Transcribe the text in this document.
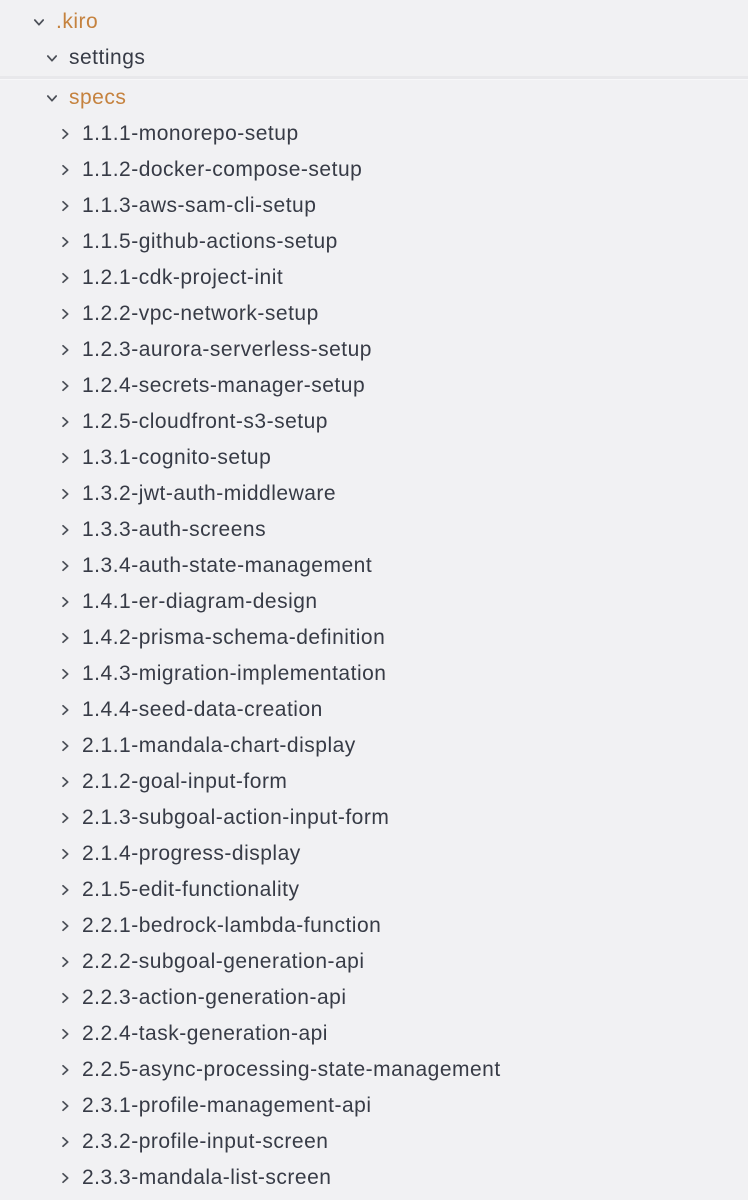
.kiro
settings
specs
1.1.1-monorepo-setup
1.1.2-docker-compose-setup
1.1.3-aws-sam-cli-setup
1.1.5-github-actions-setup
1.2.1-cdk-project-init
1.2.2-vpc-network-setup
1.2.3-aurora-serverless-setup
1.2.4-secrets-manager-setup
1.2.5-cloudfront-s3-setup
1.3.1-cognito-setup
1.3.2-jwt-auth-middleware
1.3.3-auth-screens
1.3.4-auth-state-management
1.4.1-er-diagram-design
1.4.2-prisma-schema-definition
1.4.3-migration-implementation
1.4.4-seed-data-creation
2.1.1-mandala-chart-display
2.1.2-goal-input-form
2.1.3-subgoal-action-input-form
2.1.4-progress-display
2.1.5-edit-functionality
2.2.1-bedrock-lambda-function
2.2.2-subgoal-generation-api
2.2.3-action-generation-api
2.2.4-task-generation-api
2.2.5-async-processing-state-management
2.3.1-profile-management-api
2.3.2-profile-input-screen
2.3.3-mandala-list-screen
